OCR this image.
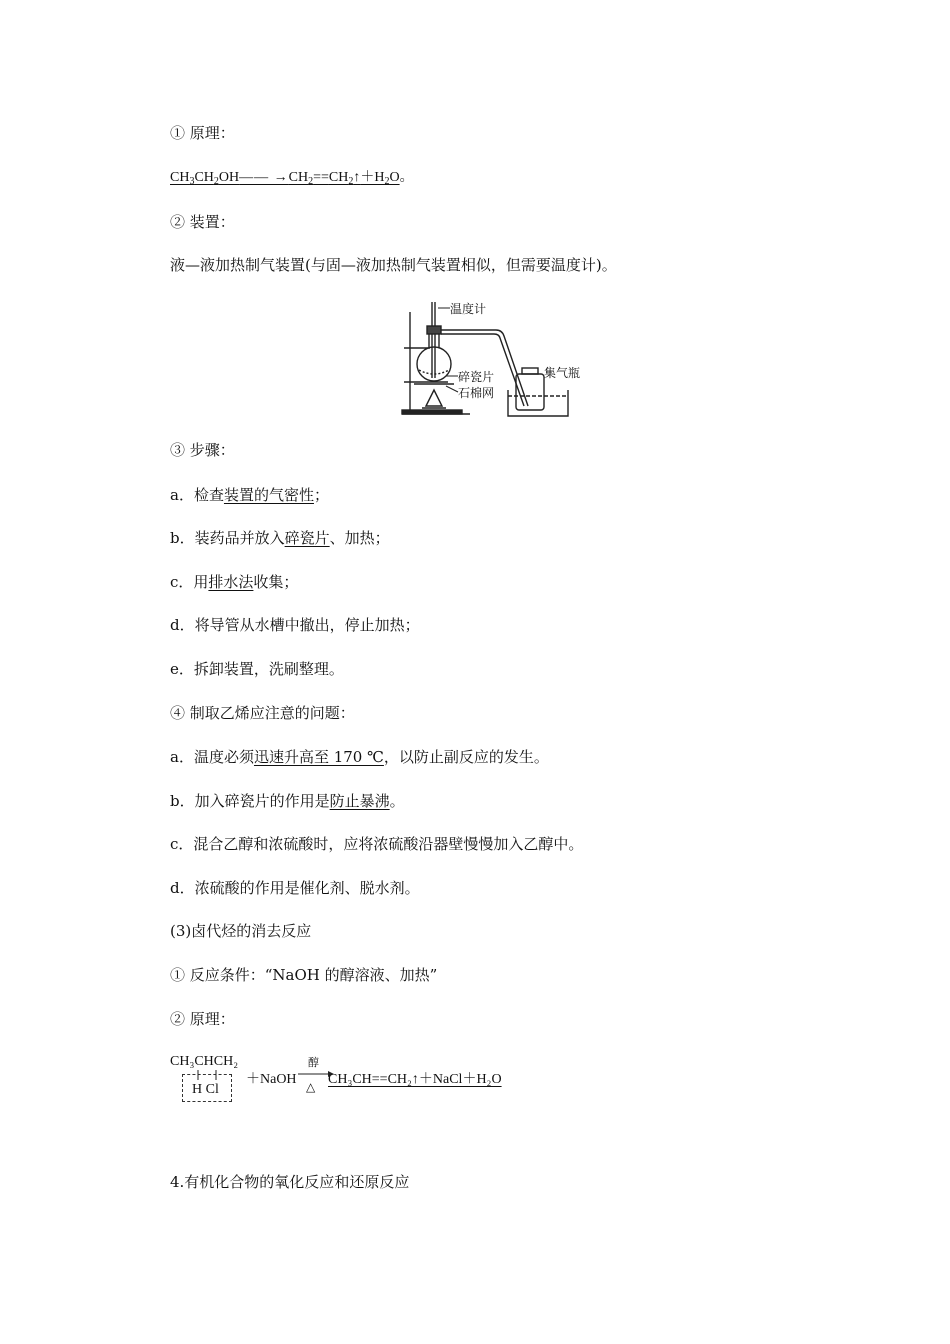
① 原理：
$CH_3CH_2OH——$ $\to CH_2==CH_2↑+H_2O$。
② 装置：
液—液加热制气装置(与固—液加热制气装置相似，但需要温度计)。
温度计
碎瓷片
石棉网
集气瓶
③ 步骤：
a．检查装置的气密性；
b．装药品并放入碎瓷片、加热；
c．用排水法收集；
d．将导管从水槽中撤出，停止加热；
e．拆卸装置，洗刷整理。
④ 制取乙烯应注意的问题：
a．温度必须迅速升高至 170 ℃，以防止副反应的发生。
b．加入碎瓷片的作用是防止暴沸。
c．混合乙醇和浓硫酸时，应将浓硫酸沿器壁慢慢加入乙醇中。
d．浓硫酸的作用是催化剂、脱水剂。
(3)卤代烃的消去反应
① 反应条件：“NaOH 的醇溶液、加热”
② 原理：
CH₃CHCH₂
H Cl
＋NaOH
醇
△ CH₃CH==CH₂↑＋NaCl＋H₂O
4.有机化合物的氧化反应和还原反应
